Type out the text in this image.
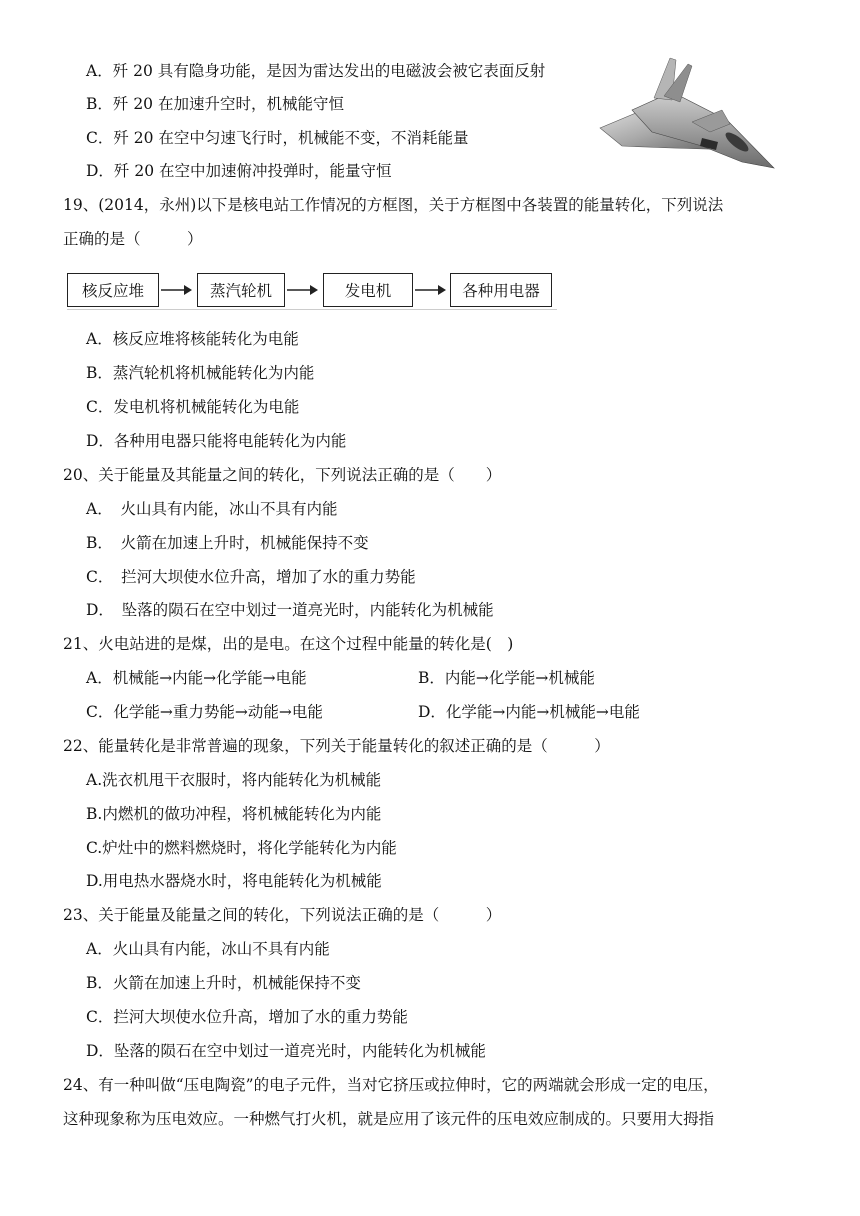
A．歼 20 具有隐身功能，是因为雷达发出的电磁波会被它表面反射
B．歼 20 在加速升空时，机械能守恒
C．歼 20 在空中匀速飞行时，机械能不变，不消耗能量
D．歼 20 在空中加速俯冲投弹时，能量守恒
19、(2014，永州)以下是核电站工作情况的方框图，关于方框图中各装置的能量转化，下列说法
正确的是（　　　）
核反应堆	蒸汽轮机	发电机	各种用电器
A．核反应堆将核能转化为电能
B．蒸汽轮机将机械能转化为内能
C．发电机将机械能转化为电能
D．各种用电器只能将电能转化为内能
20、关于能量及其能量之间的转化，下列说法正确的是（　　）
A．　火山具有内能，冰山不具有内能
B．　火箭在加速上升时，机械能保持不变
C．　拦河大坝使水位升高，增加了水的重力势能
D．　坠落的陨石在空中划过一道亮光时，内能转化为机械能
21、火电站进的是煤，出的是电。在这个过程中能量的转化是(　)
A．机械能→内能→化学能→电能	B．内能→化学能→机械能
C．化学能→重力势能→动能→电能	D．化学能→内能→机械能→电能
22、能量转化是非常普遍的现象，下列关于能量转化的叙述正确的是（　　　）
A.洗衣机甩干衣服时，将内能转化为机械能
B.内燃机的做功冲程，将机械能转化为内能
C.炉灶中的燃料燃烧时，将化学能转化为内能
D.用电热水器烧水时，将电能转化为机械能
23、关于能量及能量之间的转化，下列说法正确的是（　　　）
A．火山具有内能，冰山不具有内能
B．火箭在加速上升时，机械能保持不变
C．拦河大坝使水位升高，增加了水的重力势能
D．坠落的陨石在空中划过一道亮光时，内能转化为机械能
24、有一种叫做“压电陶瓷”的电子元件，当对它挤压或拉伸时，它的两端就会形成一定的电压，
这种现象称为压电效应。一种燃气打火机，就是应用了该元件的压电效应制成的。只要用大拇指
